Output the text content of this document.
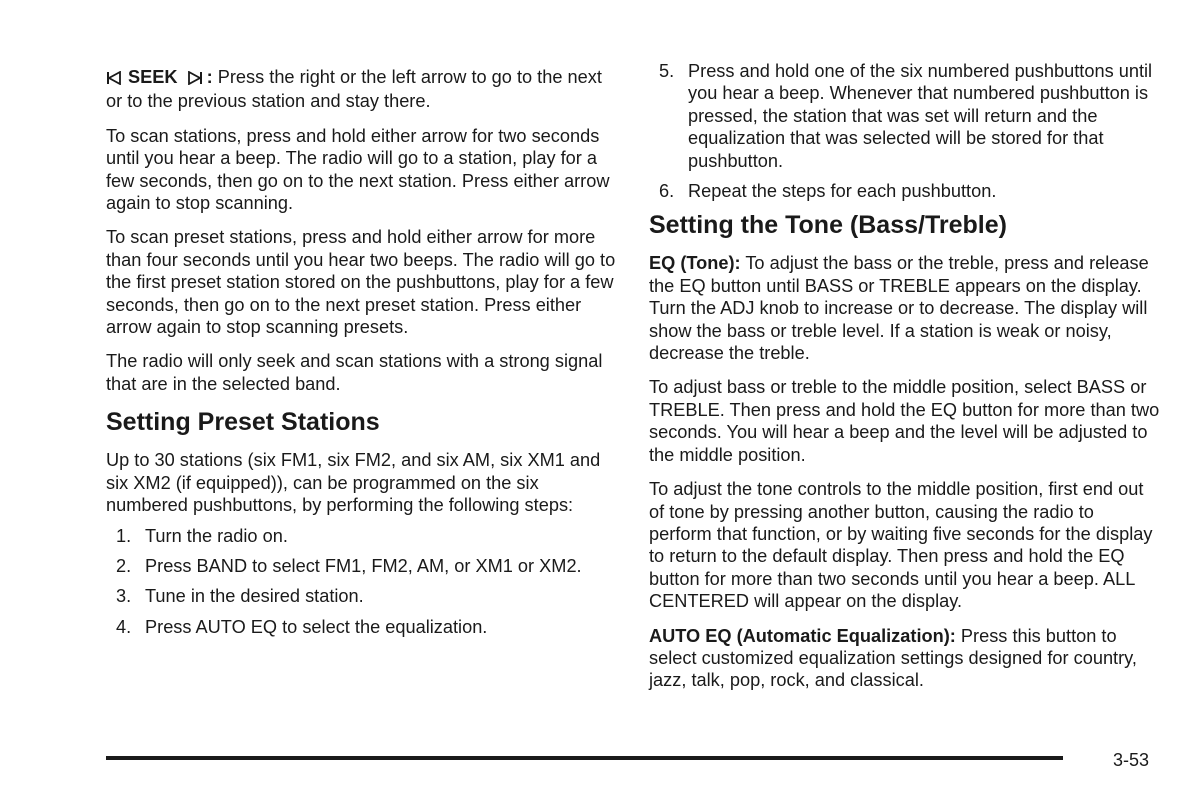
SEEK : Press the right or the left arrow to go to the next or to the previous station and stay there.

To scan stations, press and hold either arrow for two seconds until you hear a beep. The radio will go to a station, play for a few seconds, then go on to the next station. Press either arrow again to stop scanning.

To scan preset stations, press and hold either arrow for more than four seconds until you hear two beeps. The radio will go to the first preset station stored on the pushbuttons, play for a few seconds, then go on to the next preset station. Press either arrow again to stop scanning presets.

The radio will only seek and scan stations with a strong signal that are in the selected band.

Setting Preset Stations

Up to 30 stations (six FM1, six FM2, and six AM, six XM1 and six XM2 (if equipped)), can be programmed on the six numbered pushbuttons, by performing the following steps:

1. Turn the radio on.
2. Press BAND to select FM1, FM2, AM, or XM1 or XM2.
3. Tune in the desired station.
4. Press AUTO EQ to select the equalization.
5. Press and hold one of the six numbered pushbuttons until you hear a beep. Whenever that numbered pushbutton is pressed, the station that was set will return and the equalization that was selected will be stored for that pushbutton.
6. Repeat the steps for each pushbutton.
Setting the Tone (Bass/Treble)

EQ (Tone): To adjust the bass or the treble, press and release the EQ button until BASS or TREBLE appears on the display. Turn the ADJ knob to increase or to decrease. The display will show the bass or treble level. If a station is weak or noisy, decrease the treble.

To adjust bass or treble to the middle position, select BASS or TREBLE. Then press and hold the EQ button for more than two seconds. You will hear a beep and the level will be adjusted to the middle position.

To adjust the tone controls to the middle position, first end out of tone by pressing another button, causing the radio to perform that function, or by waiting five seconds for the display to return to the default display. Then press and hold the EQ button for more than two seconds until you hear a beep. ALL CENTERED will appear on the display.

AUTO EQ (Automatic Equalization): Press this button to select customized equalization settings designed for country, jazz, talk, pop, rock, and classical.

3-53
